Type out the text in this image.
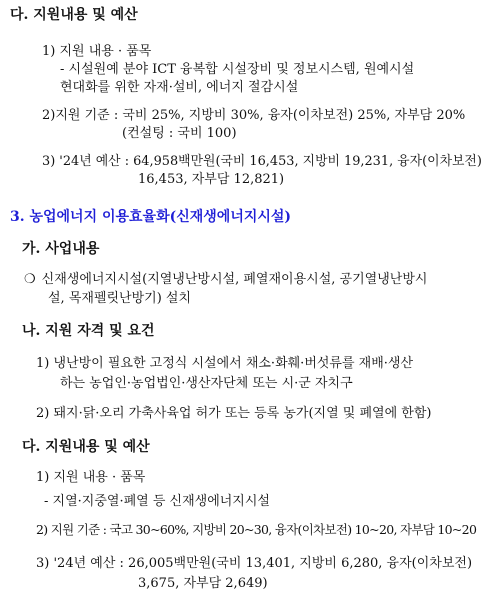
다. 지원내용 및 예산
1) 지원 내용 · 품목
- 시설원예 분야 ICT 융복합 시설장비 및 정보시스템, 원예시설
현대화를 위한 자재·설비, 에너지 절감시설
2)지원 기준 : 국비 25%, 지방비 30%, 융자(이차보전) 25%, 자부담 20%
(컨설팅 : 국비 100)
3) '24년 예산 : 64,958백만원(국비 16,453, 지방비 19,231, 융자(이차보전)
16,453, 자부담 12,821)
3. 농업에너지 이용효율화(신재생에너지시설)
가. 사업내용
❍ 신재생에너지시설(지열냉난방시설, 폐열재이용시설, 공기열냉난방시
설, 목재펠릿난방기) 설치
나. 지원 자격 및 요건
1) 냉난방이 필요한 고정식 시설에서 채소·화훼·버섯류를 재배·생산
하는 농업인·농업법인·생산자단체 또는 시·군 자치구
2) 돼지·닭·오리 가축사육업 허가 또는 등록 농가(지열 및 폐열에 한함)
다. 지원내용 및 예산
1) 지원 내용 · 품목
- 지열·지중열·폐열 등 신재생에너지시설
2) 지원 기준 : 국고 30~60%, 지방비 20~30, 융자(이차보전) 10~20, 자부담 10~20
3) '24년 예산 : 26,005백만원(국비 13,401, 지방비 6,280, 융자(이차보전)
3,675, 자부담 2,649)
